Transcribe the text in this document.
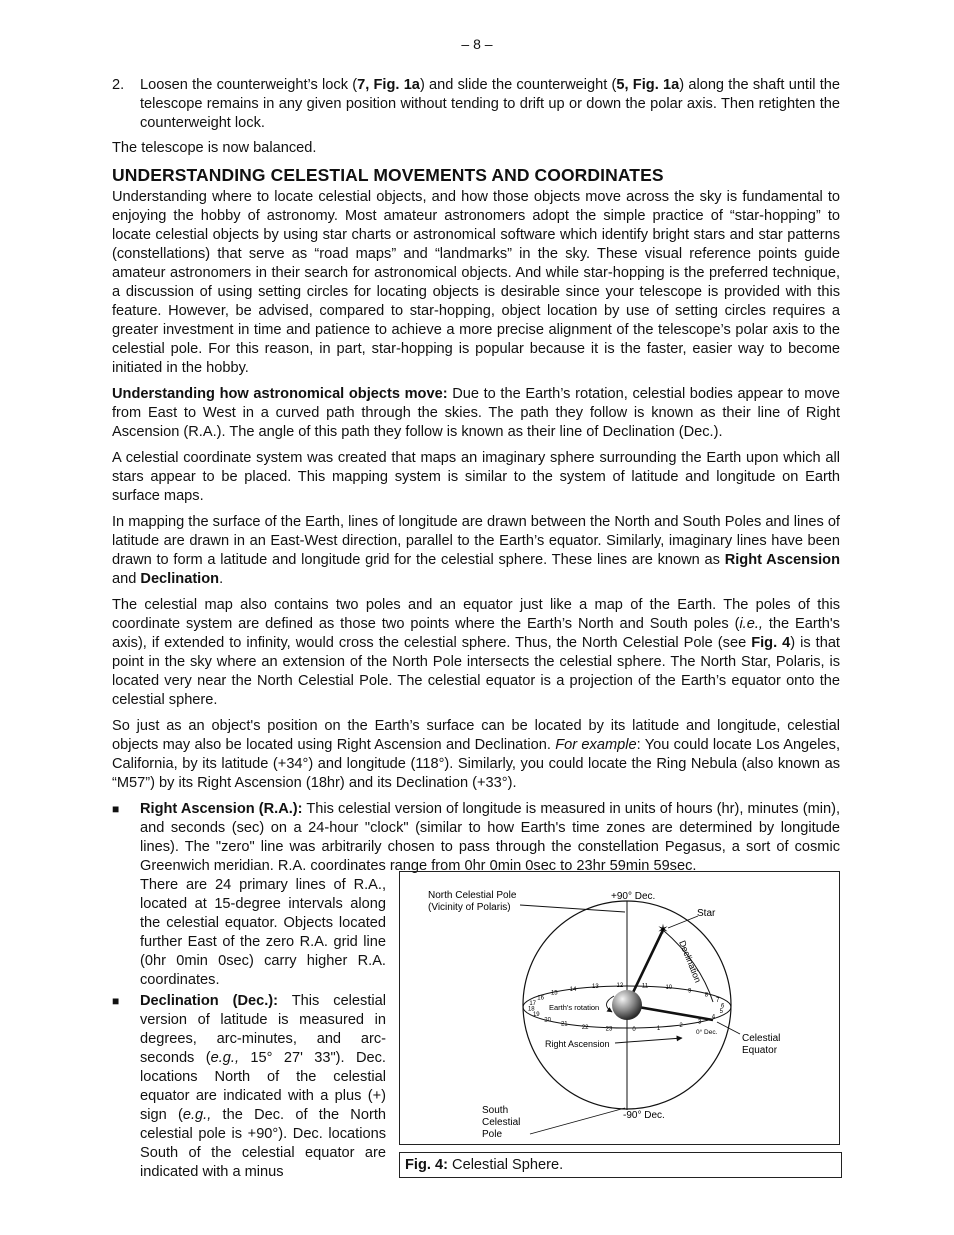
– 8 –
2.	Loosen the counterweight’s lock (7, Fig. 1a) and slide the counterweight (5, Fig. 1a) along the shaft until the telescope remains in any given position without tending to drift up or down the polar axis. Then retighten the counterweight lock.

The telescope is now balanced.

UNDERSTANDING CELESTIAL MOVEMENTS AND COORDINATES

Understanding where to locate celestial objects, and how those objects move across the sky is fundamental to enjoying the hobby of astronomy. Most amateur astronomers adopt the simple practice of “star-hopping” to locate celestial objects by using star charts or astronomical software which identify bright stars and star patterns (constellations) that serve as “road maps” and “landmarks” in the sky. These visual reference points guide amateur astronomers in their search for astronomical objects. And while star-hopping is the preferred technique, a discussion of using setting circles for locating objects is desirable since your telescope is provided with this feature. However, be advised, compared to star-hopping, object location by use of setting circles requires a greater investment in time and patience to achieve a more precise alignment of the telescope’s polar axis to the celestial pole. For this reason, in part, star-hopping is popular because it is the faster, easier way to become initiated in the hobby.

Understanding how astronomical objects move: Due to the Earth’s rotation, celestial bodies appear to move from East to West in a curved path through the skies. The path they follow is known as their line of Right Ascension (R.A.). The angle of this path they follow is known as their line of Declination (Dec.).

A celestial coordinate system was created that maps an imaginary sphere surrounding the Earth upon which all stars appear to be placed. This mapping system is similar to the system of latitude and longitude on Earth surface maps.

In mapping the surface of the Earth, lines of longitude are drawn between the North and South Poles and lines of latitude are drawn in an East-West direction, parallel to the Earth’s equator. Similarly, imaginary lines have been drawn to form a latitude and longitude grid for the celestial sphere. These lines are known as Right Ascension and Declination.

The celestial map also contains two poles and an equator just like a map of the Earth. The poles of this coordinate system are defined as those two points where the Earth’s North and South poles (i.e., the Earth's axis), if extended to infinity, would cross the celestial sphere. Thus, the North Celestial Pole (see Fig. 4) is that point in the sky where an extension of the North Pole intersects the celestial sphere. The North Star, Polaris, is located very near the North Celestial Pole. The celestial equator is a projection of the Earth’s equator onto the celestial sphere.

So just as an object's position on the Earth’s surface can be located by its latitude and longitude, celestial objects may also be located using Right Ascension and Declination. For example: You could locate Los Angeles, California, by its latitude (+34°) and longitude (118°). Similarly, you could locate the Ring Nebula (also known as “M57”) by its Right Ascension (18hr) and its Declination (+33°).

■	Right Ascension (R.A.): This celestial version of longitude is measured in units of hours (hr), minutes (min), and seconds (sec) on a 24-hour "clock" (similar to how Earth's time zones are determined by longitude lines). The "zero" line was arbitrarily chosen to pass through the constellation Pegasus, a sort of cosmic Greenwich meridian. R.A. coordinates range from 0hr 0min 0sec to 23hr 59min 59sec.
There are 24 primary lines of R.A., located at 15-degree intervals along the celestial equator. Objects located further East of the zero R.A. grid line (0hr 0min 0sec) carry higher R.A. coordinates.
■	Declination (Dec.): This celestial version of latitude is measured in degrees, arc-minutes, and arc-seconds (e.g., 15° 27' 33"). Dec. locations North of the celestial equator are indicated with a plus (+) sign (e.g., the Dec. of the North celestial pole is +90°). Dec. locations South of the celestial equator are indicated with a minus
✶
North Celestial Pole
(Vicinity of Polaris)
+90° Dec.
Star
Declination
Earth's rotation
Right Ascension
0° Dec.
Celestial
Equator
South
Celestial
Pole
-90° Dec.
16
15
14	13	12	11	10
9
8
7
6
5
4
3
2
1
0
23
22
21
20
19
18
17
Fig. 4: Celestial Sphere.
